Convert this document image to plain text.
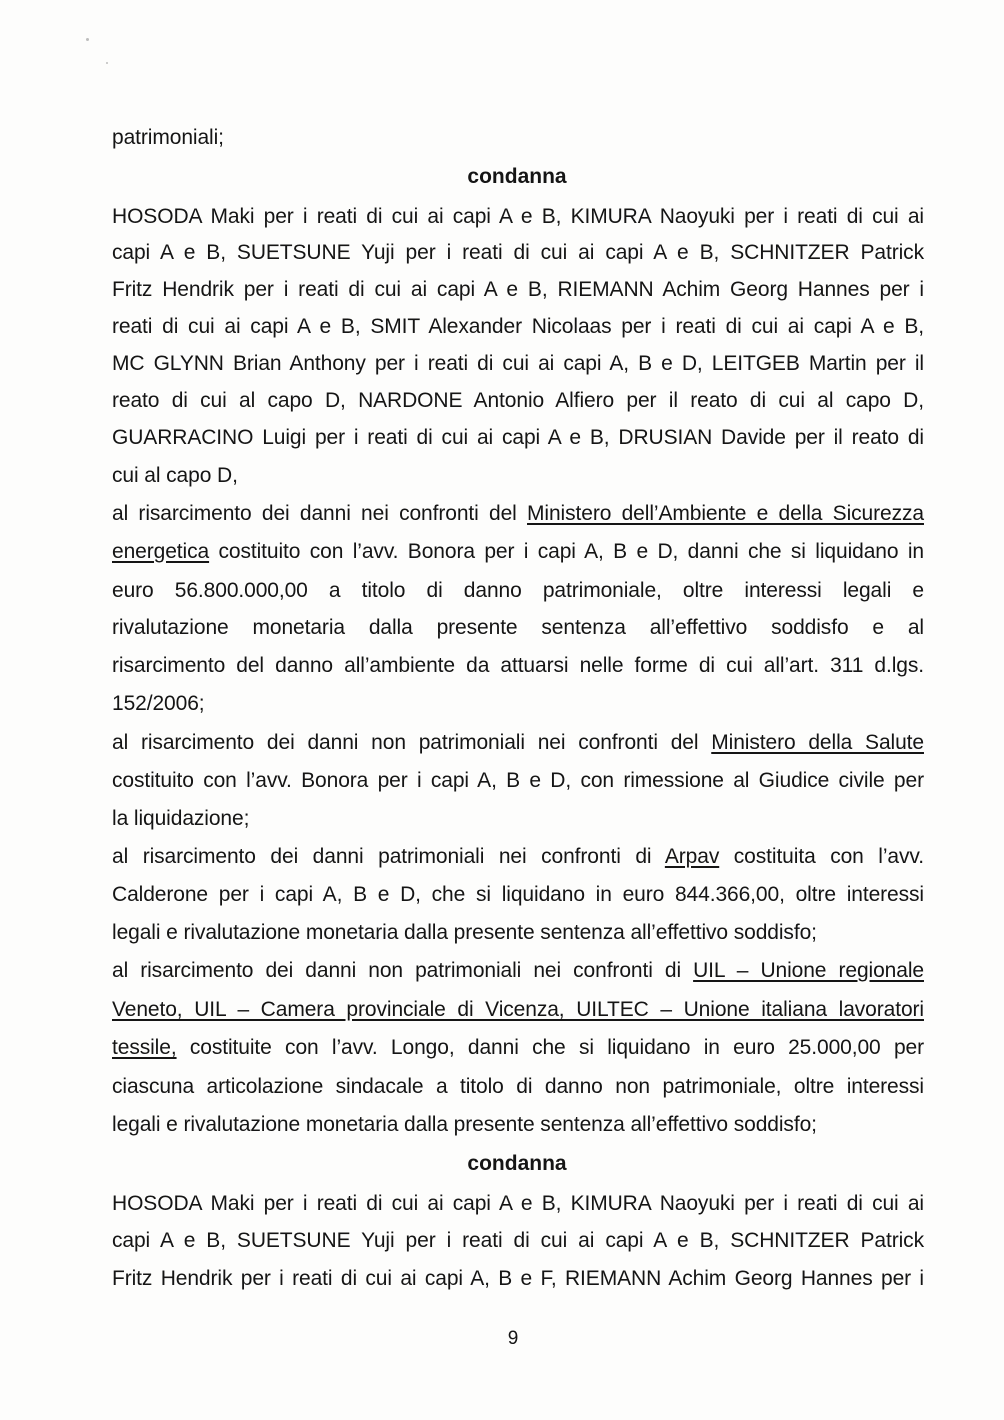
patrimoniali;
condanna
HOSODA Maki per i reati di cui ai capi A e B, KIMURA Naoyuki per i reati di cui ai
capi A e B, SUETSUNE Yuji per i reati di cui ai capi A e B, SCHNITZER Patrick
Fritz Hendrik per i reati di cui ai capi A e B, RIEMANN Achim Georg Hannes per i
reati di cui ai capi A e B, SMIT Alexander Nicolaas per i reati di cui ai capi A e B,
MC GLYNN Brian Anthony per i reati di cui ai capi A, B e D, LEITGEB Martin per il
reato di cui al capo D, NARDONE Antonio Alfiero per il reato di cui al capo D,
GUARRACINO Luigi per i reati di cui ai capi A e B, DRUSIAN Davide per il reato di
cui al capo D,
al risarcimento dei danni nei confronti del Ministero dell’Ambiente e della Sicurezza
energetica costituito con l’avv. Bonora per i capi A, B e D, danni che si liquidano in
euro 56.800.000,00 a titolo di danno patrimoniale, oltre interessi legali e
rivalutazione monetaria dalla presente sentenza all’effettivo soddisfo e al
risarcimento del danno all’ambiente da attuarsi nelle forme di cui all’art. 311 d.lgs.
152/2006;
al risarcimento dei danni non patrimoniali nei confronti del Ministero della Salute
costituito con l’avv. Bonora per i capi A, B e D, con rimessione al Giudice civile per
la liquidazione;
al risarcimento dei danni patrimoniali nei confronti di Arpav costituita con l’avv.
Calderone per i capi A, B e D, che si liquidano in euro 844.366,00, oltre interessi
legali e rivalutazione monetaria dalla presente sentenza all’effettivo soddisfo;
al risarcimento dei danni non patrimoniali nei confronti di UIL – Unione regionale
Veneto, UIL – Camera provinciale di Vicenza, UILTEC – Unione italiana lavoratori
tessile, costituite con l’avv. Longo, danni che si liquidano in euro 25.000,00 per
ciascuna articolazione sindacale a titolo di danno non patrimoniale, oltre interessi
legali e rivalutazione monetaria dalla presente sentenza all’effettivo soddisfo;
condanna
HOSODA Maki per i reati di cui ai capi A e B, KIMURA Naoyuki per i reati di cui ai
capi A e B, SUETSUNE Yuji per i reati di cui ai capi A e B, SCHNITZER Patrick
Fritz Hendrik per i reati di cui ai capi A, B e F, RIEMANN Achim Georg Hannes per i
9
